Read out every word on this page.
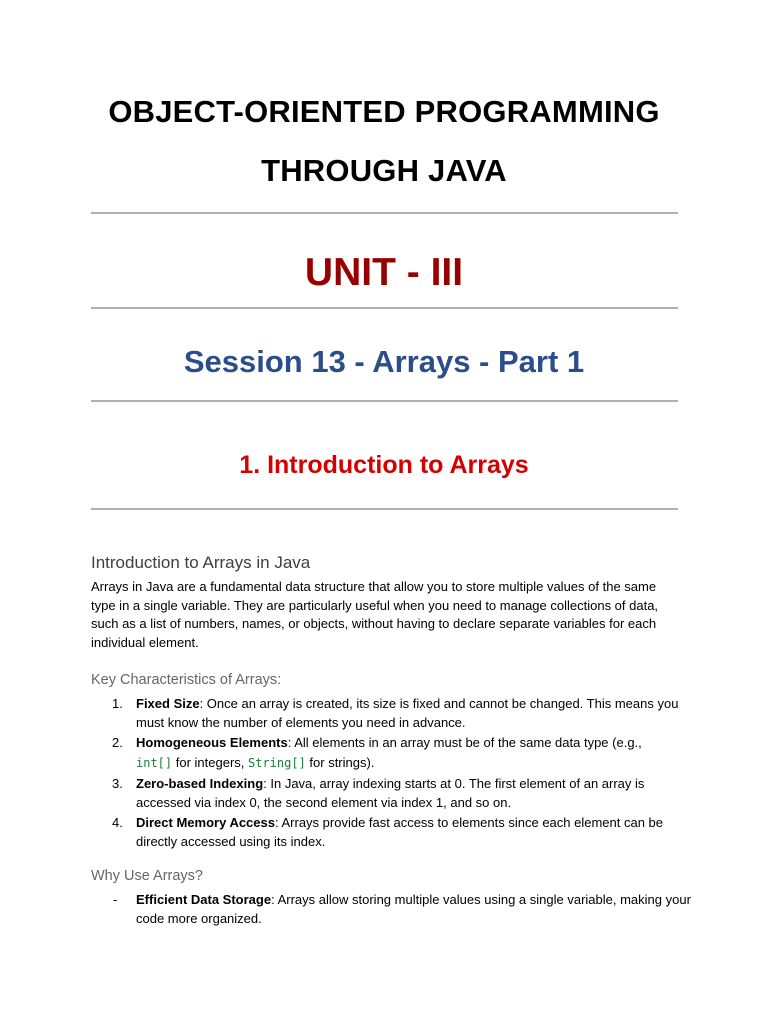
OBJECT-ORIENTED PROGRAMMING
THROUGH JAVA
UNIT - III
Session 13 - Arrays - Part 1
1. Introduction to Arrays
Introduction to Arrays in Java

Arrays in Java are a fundamental data structure that allow you to store multiple values of the same type in a single variable. They are particularly useful when you need to manage collections of data, such as a list of numbers, names, or objects, without having to declare separate variables for each individual element.

Key Characteristics of Arrays:
1. Fixed Size: Once an array is created, its size is fixed and cannot be changed. This means you must know the number of elements you need in advance.
2. Homogeneous Elements: All elements in an array must be of the same data type (e.g.,
int[] for integers, String[] for strings).
3. Zero-based Indexing: In Java, array indexing starts at 0. The first element of an array is accessed via index 0, the second element via index 1, and so on.
4. Direct Memory Access: Arrays provide fast access to elements since each element can be directly accessed using its index.
Why Use Arrays?
- Efficient Data Storage: Arrays allow storing multiple values using a single variable, making your code more organized.
